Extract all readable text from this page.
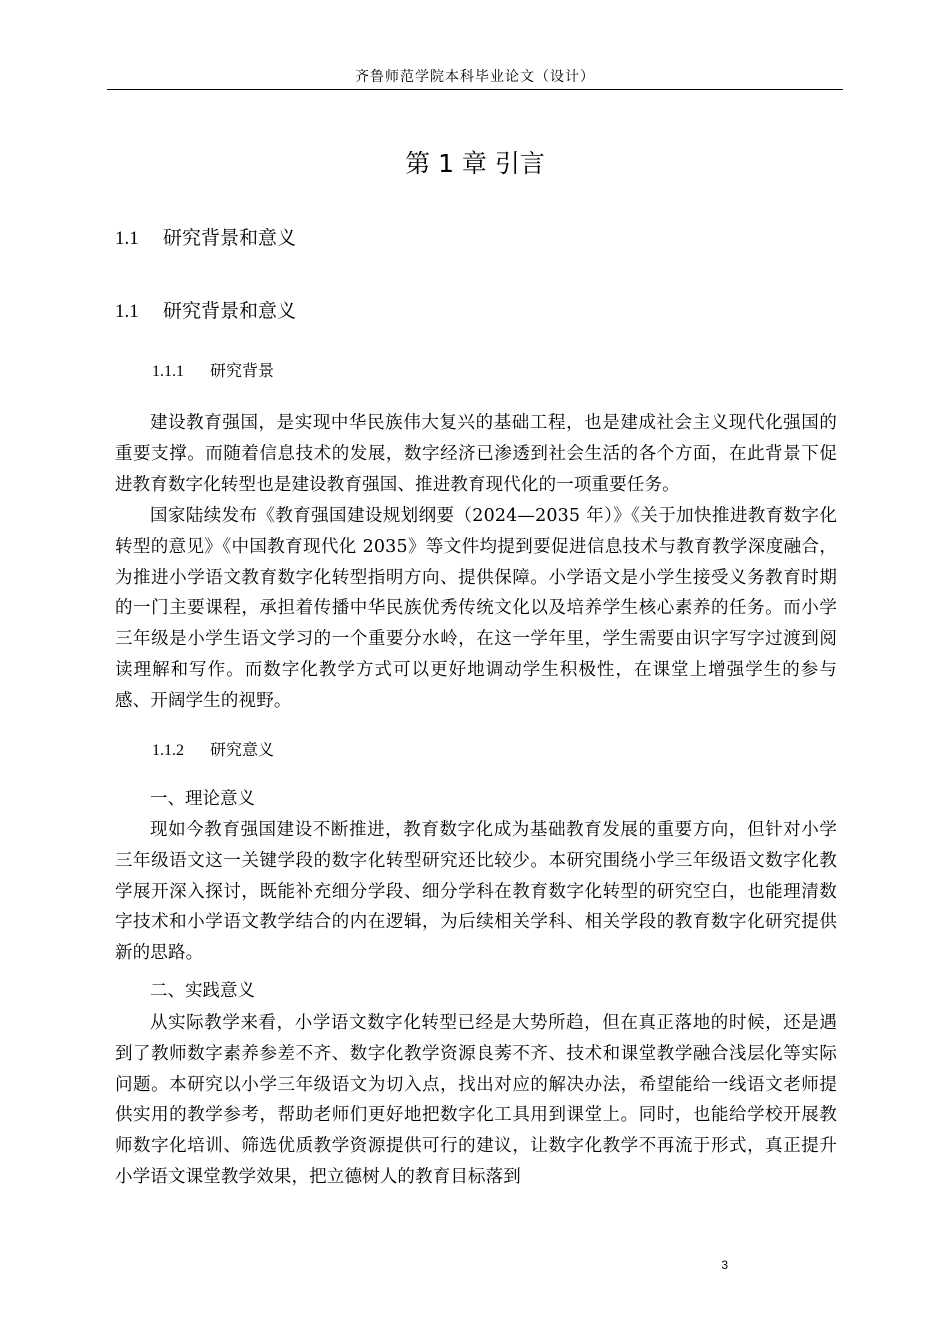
齐鲁师范学院本科毕业论文（设计）
第 1 章 引言
1.1 研究背景和意义
1.1 研究背景和意义
1.1.1 研究背景
建设教育强国，是实现中华民族伟大复兴的基础工程，也是建成社会主义现代化强国的重要支撑。而随着信息技术的发展，数字经济已渗透到社会生活的各个方面，在此背景下促进教育数字化转型也是建设教育强国、推进教育现代化的一项重要任务。
国家陆续发布《教育强国建设规划纲要（2024—2035 年）》《关于加快推进教育数字化转型的意见》《中国教育现代化 2035》等文件均提到要促进信息技术与教育教学深度融合，为推进小学语文教育数字化转型指明方向、提供保障。小学语文是小学生接受义务教育时期的一门主要课程，承担着传播中华民族优秀传统文化以及培养学生核心素养的任务。而小学三年级是小学生语文学习的一个重要分水岭，在这一学年里，学生需要由识字写字过渡到阅读理解和写作。而数字化教学方式可以更好地调动学生积极性，在课堂上增强学生的参与感、开阔学生的视野。
1.1.2 研究意义
一、理论意义
现如今教育强国建设不断推进，教育数字化成为基础教育发展的重要方向，但针对小学三年级语文这一关键学段的数字化转型研究还比较少。本研究围绕小学三年级语文数字化教学展开深入探讨，既能补充细分学段、细分学科在教育数字化转型的研究空白，也能理清数字技术和小学语文教学结合的内在逻辑，为后续相关学科、相关学段的教育数字化研究提供新的思路。
二、实践意义
从实际教学来看，小学语文数字化转型已经是大势所趋，但在真正落地的时候，还是遇到了教师数字素养参差不齐、数字化教学资源良莠不齐、技术和课堂教学融合浅层化等实际问题。本研究以小学三年级语文为切入点，找出对应的解决办法，希望能给一线语文老师提供实用的教学参考，帮助老师们更好地把数字化工具用到课堂上。同时，也能给学校开展教师数字化培训、筛选优质教学资源提供可行的建议，让数字化教学不再流于形式，真正提升小学语文课堂教学效果，把立德树人的教育目标落到
3
